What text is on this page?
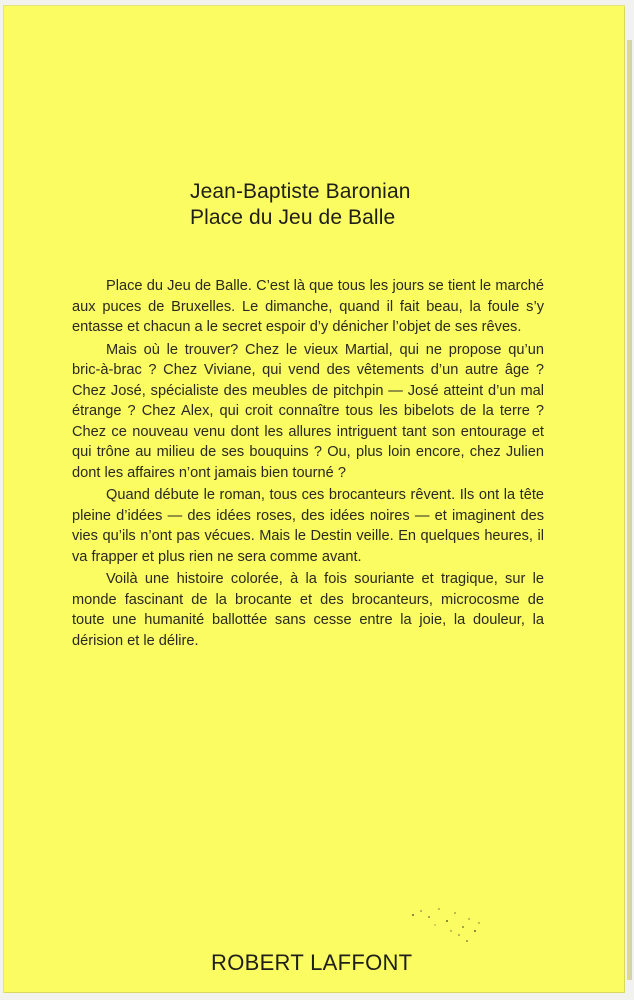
Jean-Baptiste Baronian
Place du Jeu de Balle

Place du Jeu de Balle. C’est là que tous les jours se tient le marché aux puces de Bruxelles. Le dimanche, quand il fait beau, la foule s’y entasse et chacun a le secret espoir d’y dénicher l’objet de ses rêves.

Mais où le trouver? Chez le vieux Martial, qui ne propose qu’un bric-à-brac ? Chez Viviane, qui vend des vêtements d’un autre âge ? Chez José, spécialiste des meubles de pitchpin — José atteint d’un mal étrange ? Chez Alex, qui croit connaître tous les bibelots de la terre ? Chez ce nouveau venu dont les allures intriguent tant son entourage et qui trône au milieu de ses bouquins ? Ou, plus loin encore, chez Julien dont les affaires n’ont jamais bien tourné ?

Quand débute le roman, tous ces brocanteurs rêvent. Ils ont la tête pleine d’idées — des idées roses, des idées noires — et imaginent des vies qu’ils n’ont pas vécues. Mais le Destin veille. En quelques heures, il va frapper et plus rien ne sera comme avant.

Voilà une histoire colorée, à la fois souriante et tragique, sur le monde fascinant de la brocante et des brocanteurs, microcosme de toute une humanité ballottée sans cesse entre la joie, la douleur, la dérision et le délire.

ROBERT LAFFONT
